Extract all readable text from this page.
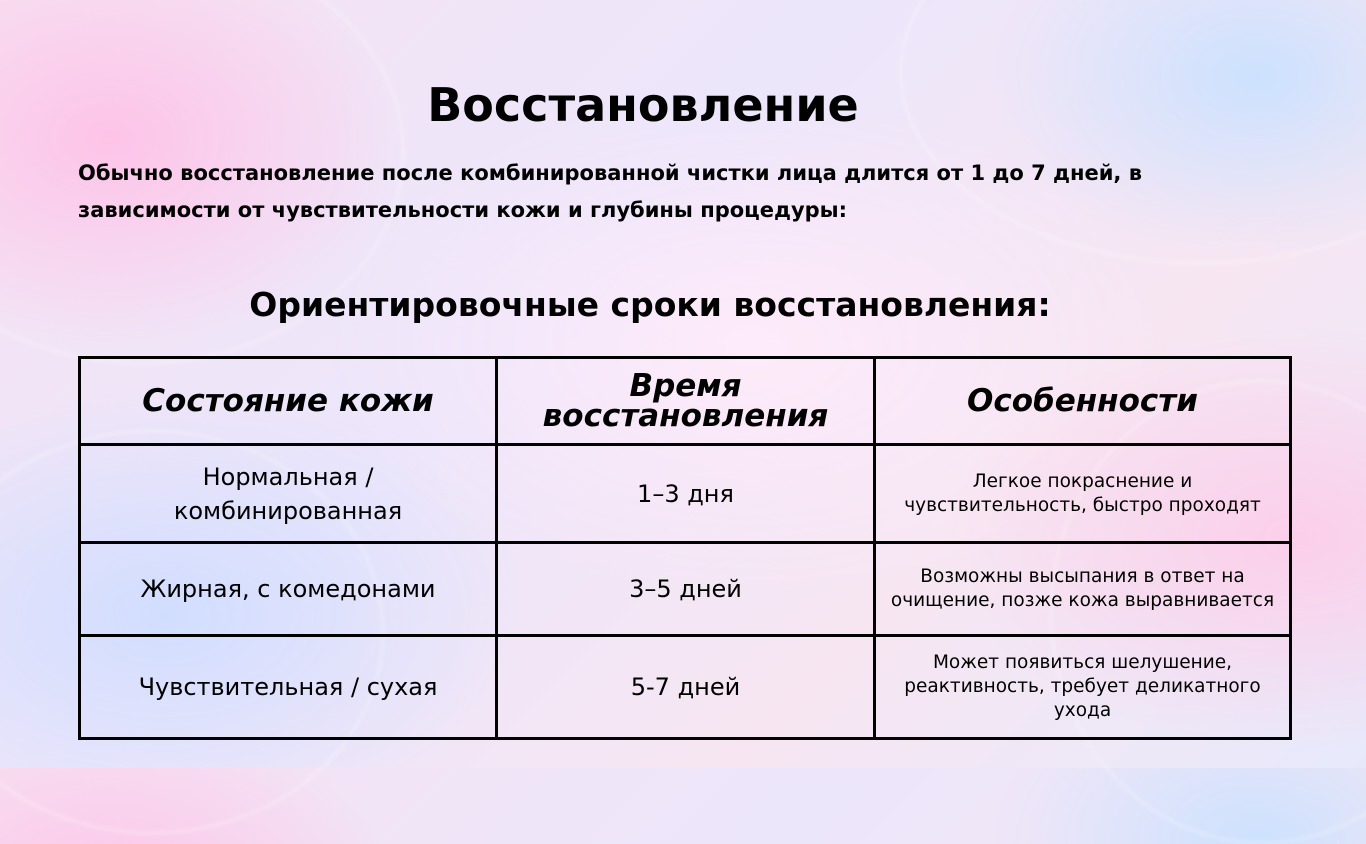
Восстановление

Обычно восстановление после комбинированной чистки лица длится от 1 до 7 дней, в зависимости от чувствительности кожи и глубины процедуры:

Ориентировочные сроки восстановления:
Состояние кожи	Время восстановления	Особенности
Нормальная / комбинированная	1–3 дня	Легкое покраснение и чувствительность, быстро проходят
Жирная, с комедонами	3–5 дней	Возможны высыпания в ответ на очищение, позже кожа выравнивается
Чувствительная / сухая	5-7 дней	Может появиться шелушение, реактивность, требует деликатного ухода
